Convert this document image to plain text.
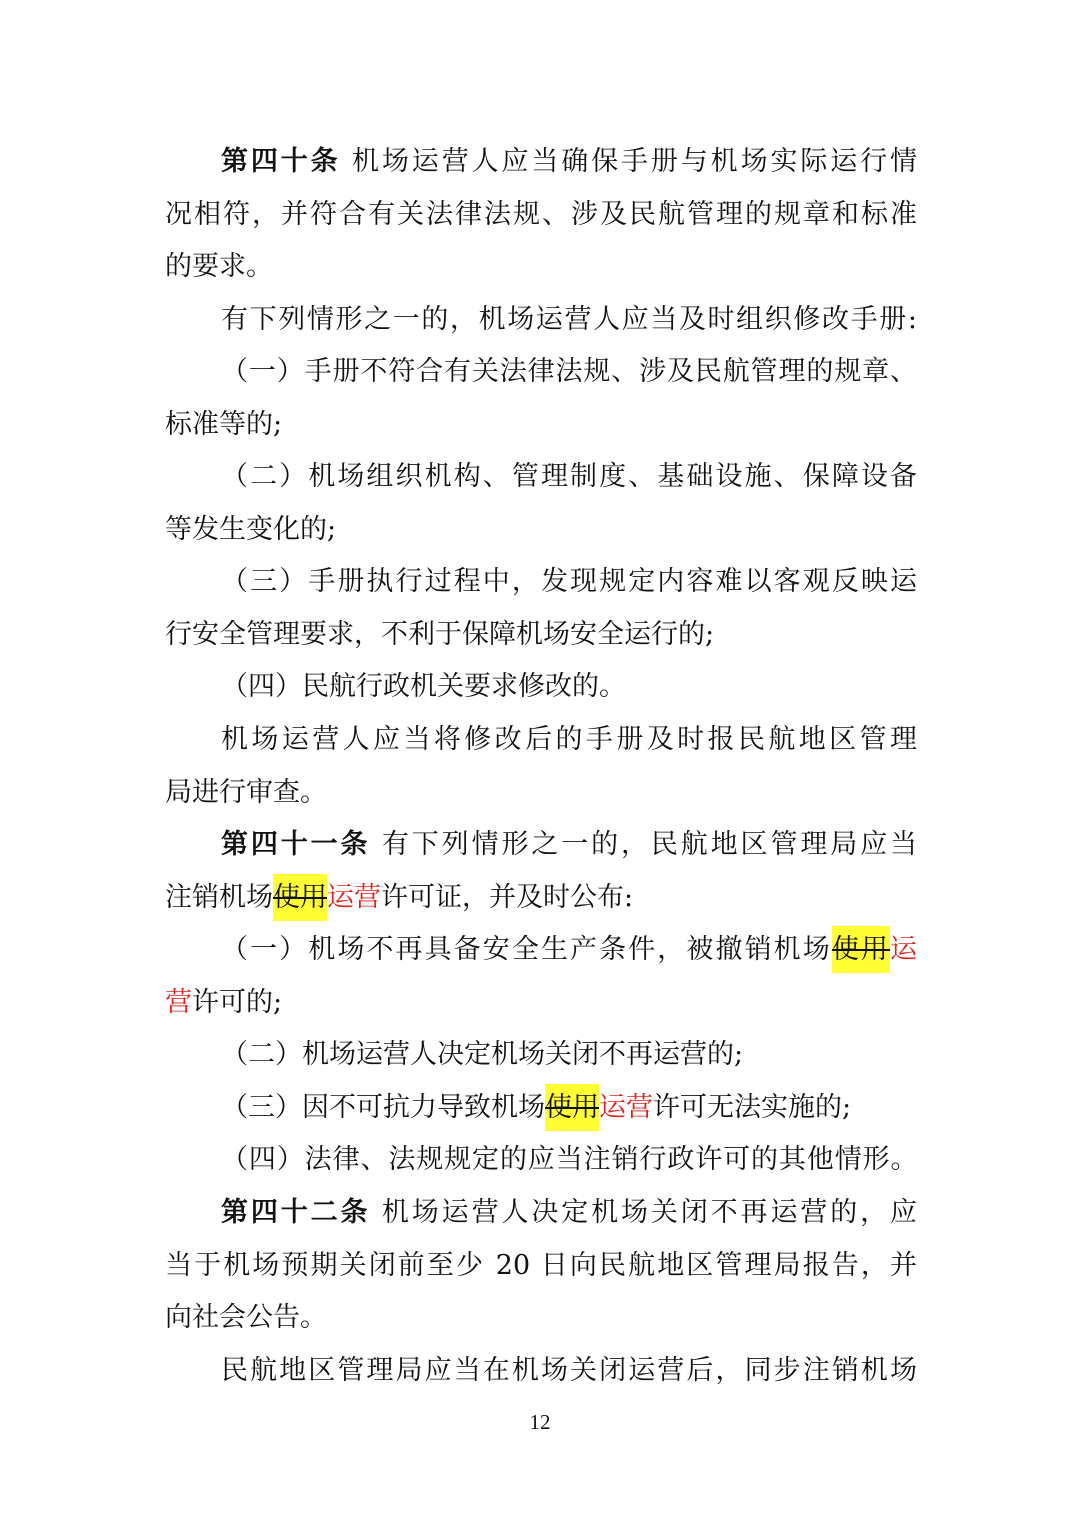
第四十条 机场运营人应当确保手册与机场实际运行情
况相符，并符合有关法律法规、涉及民航管理的规章和标准
的要求。
有下列情形之一的，机场运营人应当及时组织修改手册:
（一）手册不符合有关法律法规、涉及民航管理的规章、
标准等的;
（二）机场组织机构、管理制度、基础设施、保障设备
等发生变化的;
（三）手册执行过程中，发现规定内容难以客观反映运
行安全管理要求，不利于保障机场安全运行的;
（四）民航行政机关要求修改的。
机场运营人应当将修改后的手册及时报民航地区管理
局进行审查。
第四十一条 有下列情形之一的，民航地区管理局应当
注销机场使用运营许可证，并及时公布:
（一）机场不再具备安全生产条件，被撤销机场使用运
营许可的;
（二）机场运营人决定机场关闭不再运营的;
（三）因不可抗力导致机场使用运营许可无法实施的;
（四）法律、法规规定的应当注销行政许可的其他情形。
第四十二条 机场运营人决定机场关闭不再运营的，应
当于机场预期关闭前至少 20 日向民航地区管理局报告，并
向社会公告。
民航地区管理局应当在机场关闭运营后，同步注销机场
12
